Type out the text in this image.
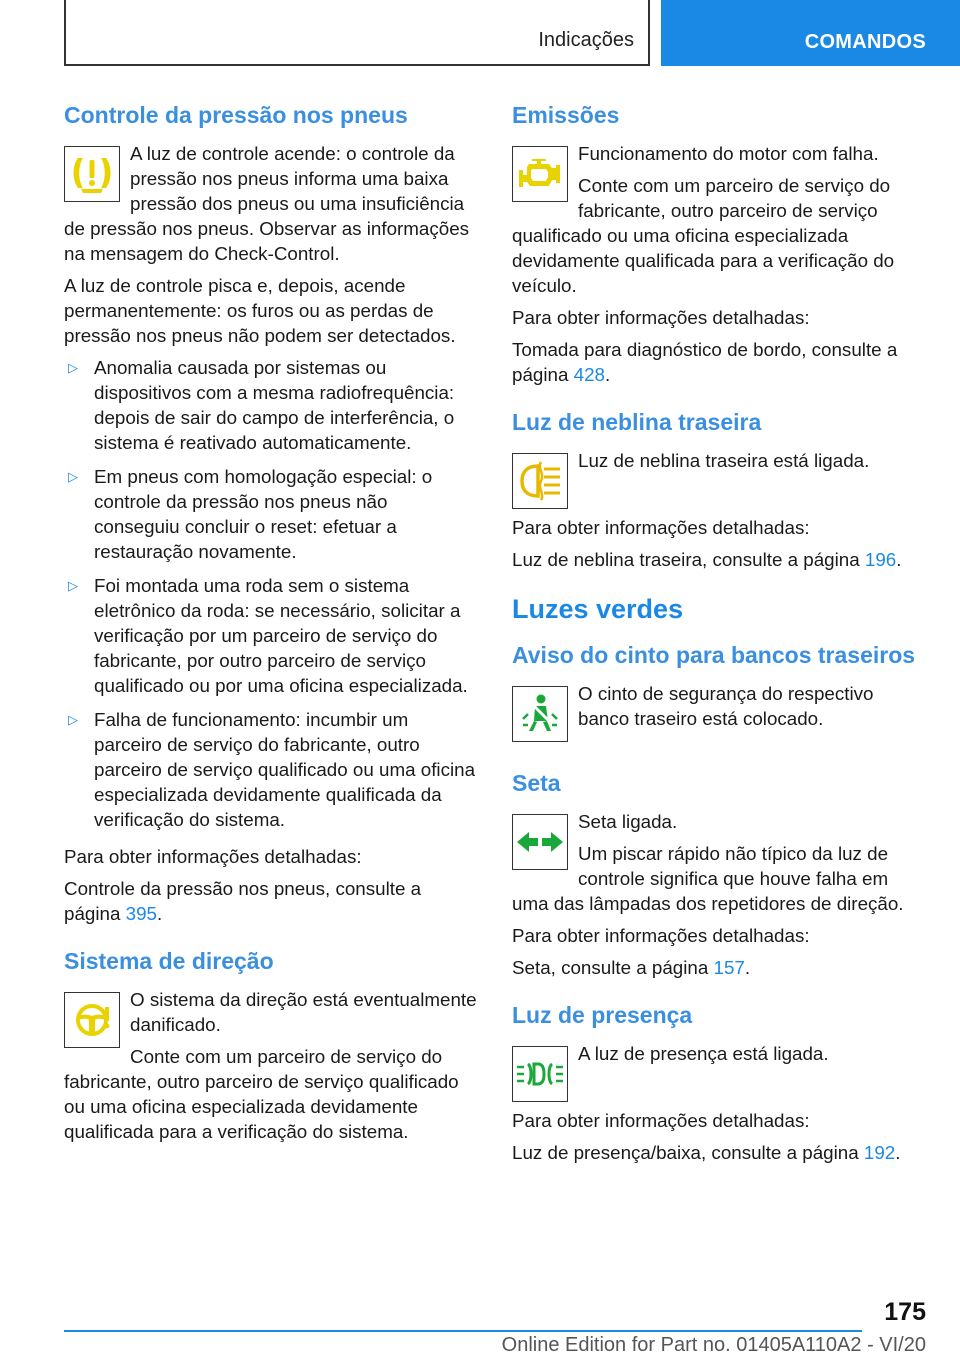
Indicações	COMANDOS
Controle da pressão nos pneus

A luz de controle acende: o controle da pressão nos pneus informa uma baixa pressão dos pneus ou uma insuficiência de pressão nos pneus. Observar as informações na mensagem do Check-Control.

A luz de controle pisca e, depois, acende permanentemente: os furos ou as perdas de pressão nos pneus não podem ser detectados.

▷ Anomalia causada por sistemas ou dispositivos com a mesma radiofrequência: depois de sair do campo de interferência, o sistema é reativado automaticamente.
▷ Em pneus com homologação especial: o controle da pressão nos pneus não conseguiu concluir o reset: efetuar a restauração novamente.
▷ Foi montada uma roda sem o sistema eletrônico da roda: se necessário, solicitar a verificação por um parceiro de serviço do fabricante, por outro parceiro de serviço qualificado ou por uma oficina especializada.
▷ Falha de funcionamento: incumbir um parceiro de serviço do fabricante, outro parceiro de serviço qualificado ou uma oficina especializada devidamente qualificada da verificação do sistema.

Para obter informações detalhadas:

Controle da pressão nos pneus, consulte a página 395.

Sistema de direção

O sistema da direção está eventualmente danificado.

Conte com um parceiro de serviço do fabricante, outro parceiro de serviço qualificado ou uma oficina especializada devidamente qualificada para a verificação do sistema.

Emissões

Funcionamento do motor com falha.

Conte com um parceiro de serviço do fabricante, outro parceiro de serviço qualificado ou uma oficina especializada devidamente qualificada para a verificação do veículo.

Para obter informações detalhadas:

Tomada para diagnóstico de bordo, consulte a página 428.

Luz de neblina traseira

Luz de neblina traseira está ligada.

Para obter informações detalhadas:

Luz de neblina traseira, consulte a página 196.

Luzes verdes
Aviso do cinto para bancos traseiros

O cinto de segurança do respectivo banco traseiro está colocado.

Seta

Seta ligada.

Um piscar rápido não típico da luz de controle significa que houve falha em uma das lâmpadas dos repetidores de direção.

Para obter informações detalhadas:

Seta, consulte a página 157.

Luz de presença

A luz de presença está ligada.

Para obter informações detalhadas:

Luz de presença/baixa, consulte a página 192.

175
Online Edition for Part no. 01405A110A2 - VI/20
